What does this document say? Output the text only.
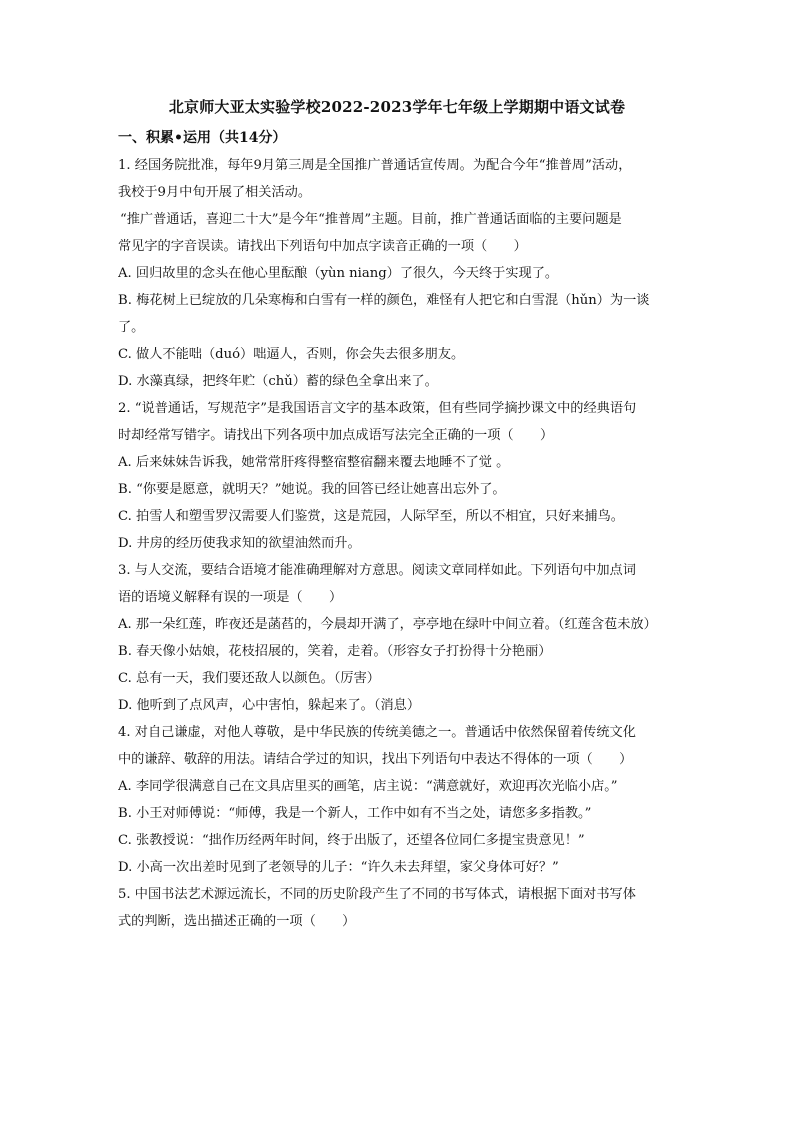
北京师大亚太实验学校2022-2023学年七年级上学期期中语文试卷

一、积累•运用（共14分）

1. 经国务院批准，每年9月第三周是全国推广普通话宣传周。为配合今年“推普周”活动，

我校于9月中旬开展了相关活动。

“推广普通话，喜迎二十大”是今年“推普周”主题。目前，推广普通话面临的主要问题是

常见字的字音误读。请找出下列语句中加点字读音正确的一项（　　）

A. 回归故里的念头在他心里酝酿（yùn niang）了很久，今天终于实现了。

B. 梅花树上已绽放的几朵寒梅和白雪有一样的颜色，难怪有人把它和白雪混（hǔn）为一谈

了。

C. 做人不能咄（duó）咄逼人，否则，你会失去很多朋友。

D. 水藻真绿，把终年贮（chǔ）蓄的绿色全拿出来了。

2. “说普通话，写规范字”是我国语言文字的基本政策，但有些同学摘抄课文中的经典语句

时却经常写错字。请找出下列各项中加点成语写法完全正确的一项（　　）

A. 后来妹妹告诉我，她常常肝疼得整宿整宿翻来覆去地睡不了觉 。

B. “你要是愿意，就明天？”她说。我的回答已经让她喜出忘外了。

C. 拍雪人和塑雪罗汉需要人们鉴赏，这是荒园，人际罕至，所以不相宜，只好来捕鸟。

D. 井房的经历使我求知的欲望油然而升。

3. 与人交流，要结合语境才能准确理解对方意思。阅读文章同样如此。下列语句中加点词

语的语境义解释有误的一项是（　　）

A. 那一朵红莲，昨夜还是菡萏的，今晨却开满了，亭亭地在绿叶中间立着。（红莲含苞未放）

B. 春天像小姑娘，花枝招展的，笑着，走着。（形容女子打扮得十分艳丽）

C. 总有一天，我们要还敌人以颜色。（厉害）

D. 他听到了点风声，心中害怕，躲起来了。（消息）

4. 对自己谦虚，对他人尊敬，是中华民族的传统美德之一。普通话中依然保留着传统文化

中的谦辞、敬辞的用法。请结合学过的知识，找出下列语句中表达不得体的一项（　　）

A. 李同学很满意自己在文具店里买的画笔，店主说：“满意就好，欢迎再次光临小店。”

B. 小王对师傅说：“师傅，我是一个新人，工作中如有不当之处，请您多多指教。”

C. 张教授说：“拙作历经两年时间，终于出版了，还望各位同仁多提宝贵意见！”

D. 小高一次出差时见到了老领导的儿子：“许久未去拜望，家父身体可好？”

5. 中国书法艺术源远流长，不同的历史阶段产生了不同的书写体式，请根据下面对书写体

式的判断，选出描述正确的一项（　　）
